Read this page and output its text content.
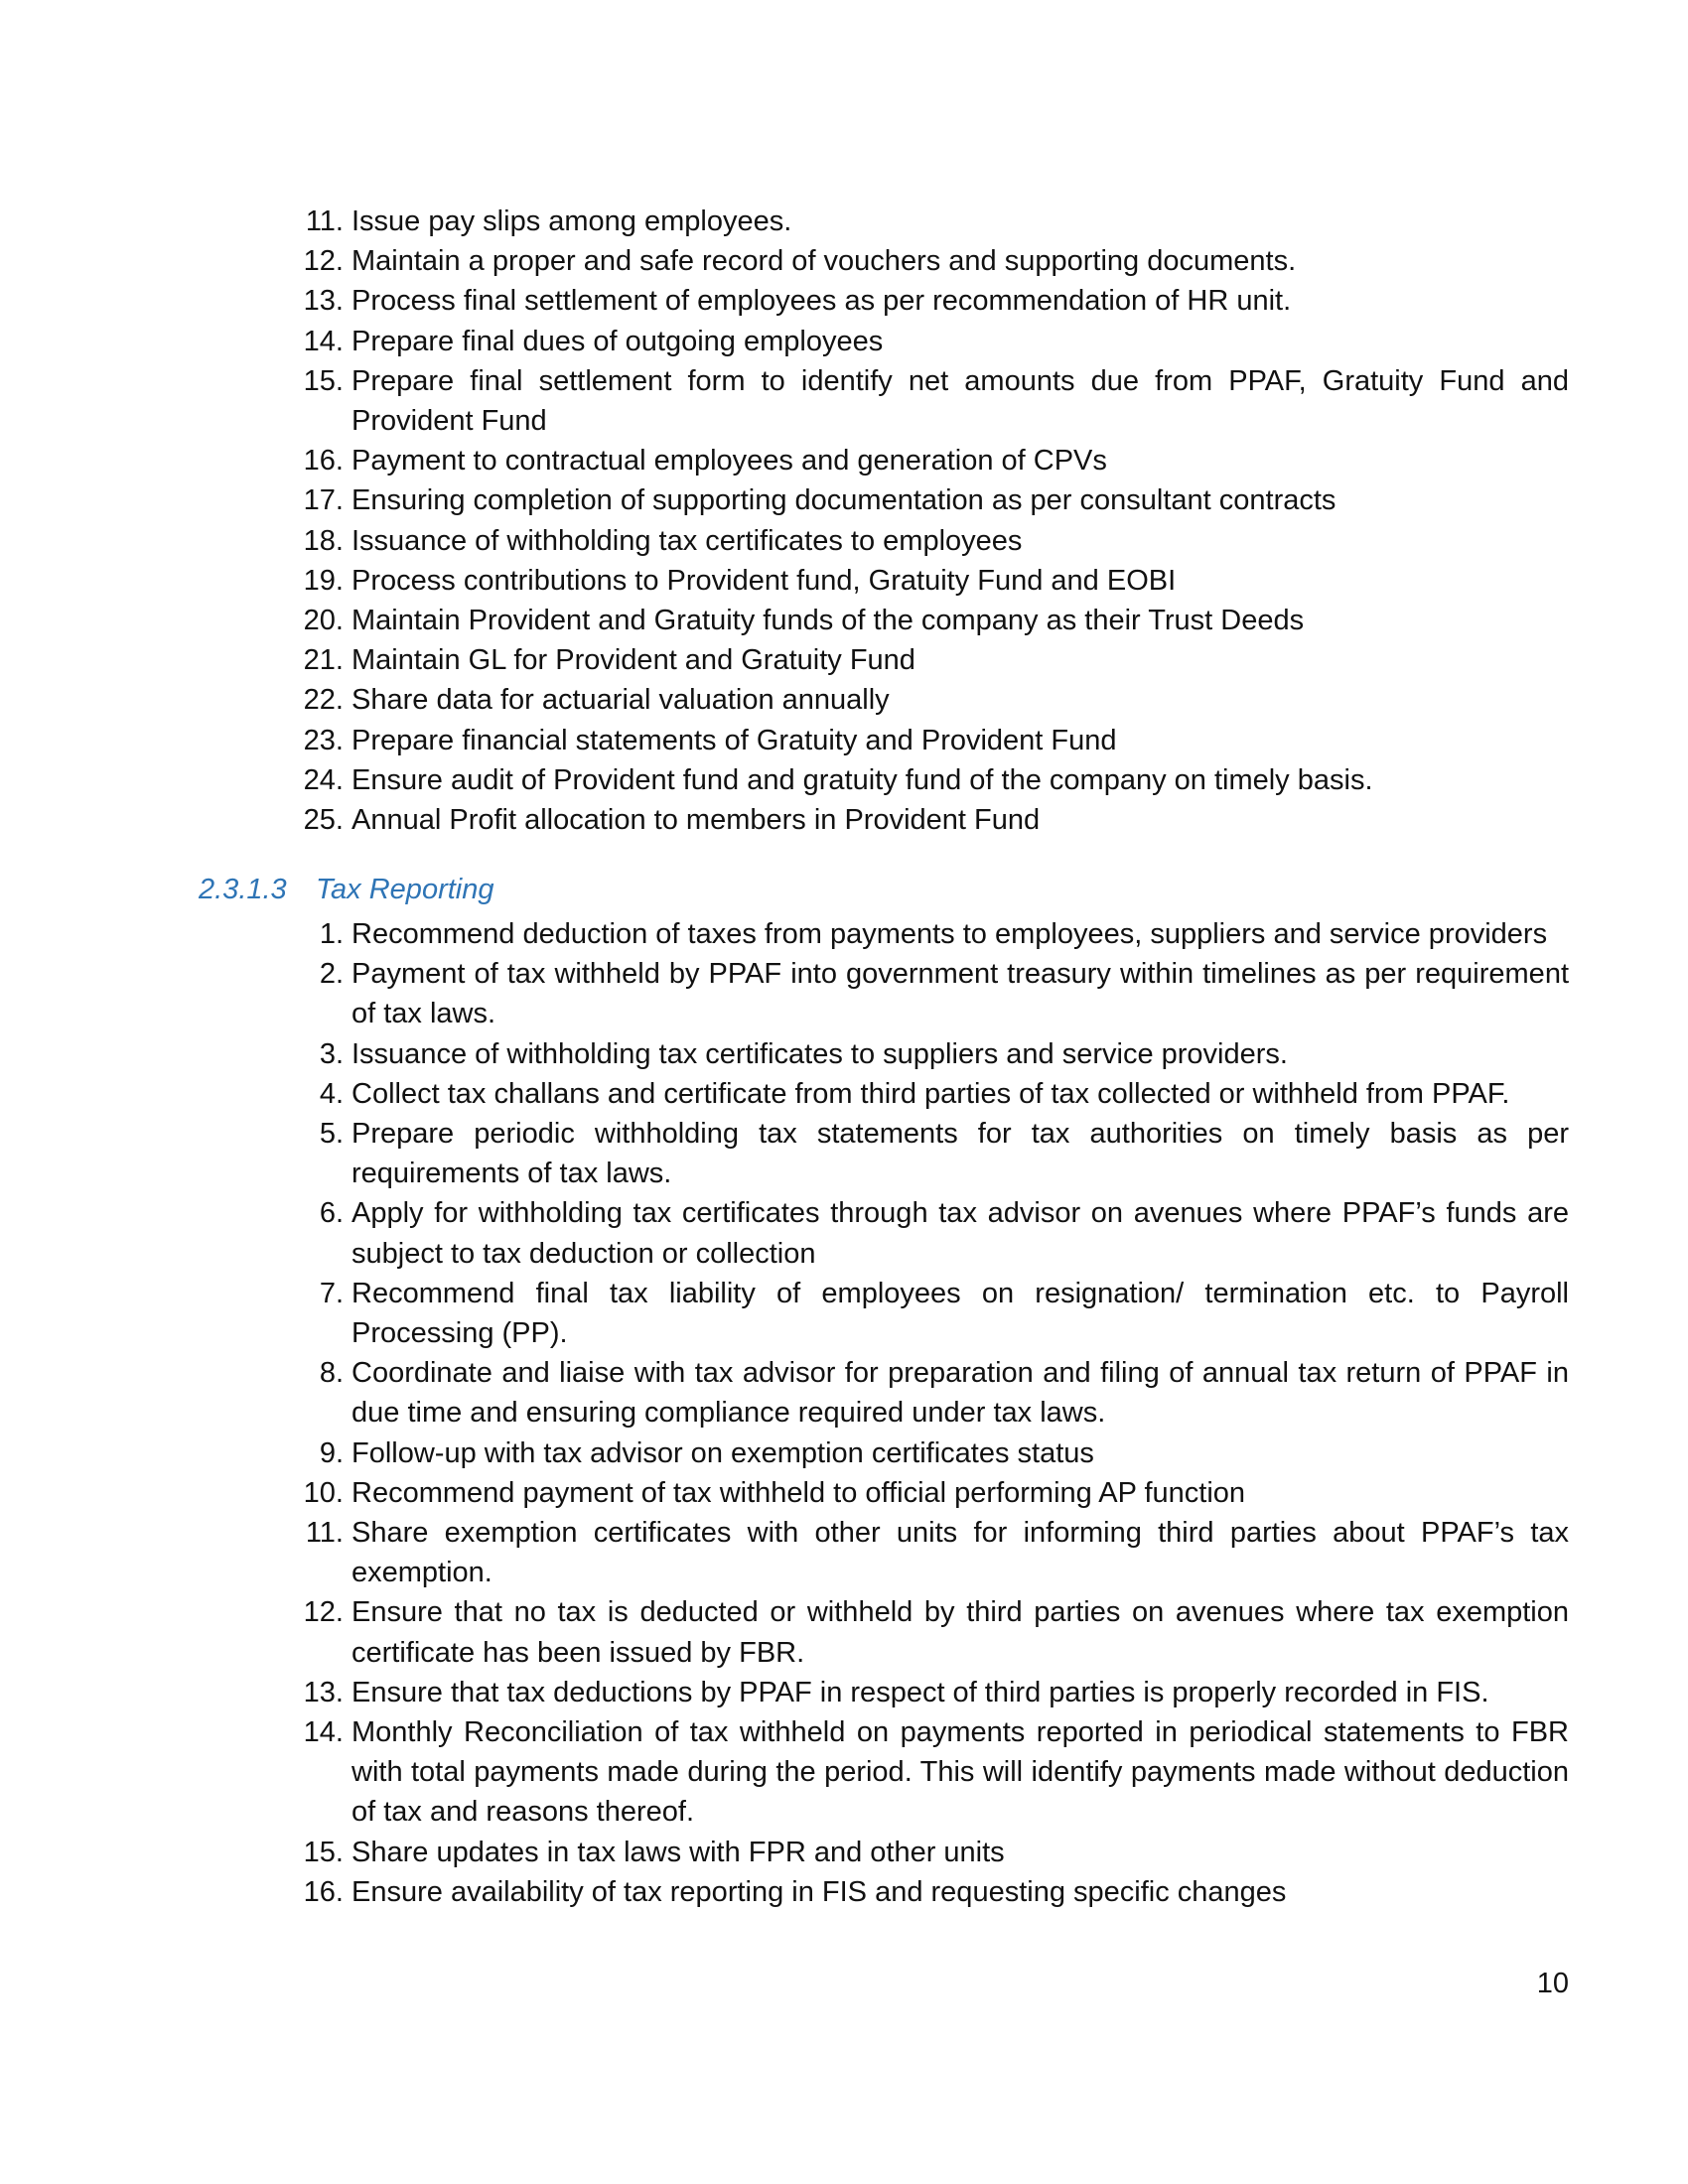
11. Issue pay slips among employees.
12. Maintain a proper and safe record of vouchers and supporting documents.
13. Process final settlement of employees as per recommendation of HR unit.
14. Prepare final dues of outgoing employees
15. Prepare final settlement form to identify net amounts due from PPAF, Gratuity Fund and Provident Fund
16. Payment to contractual employees and generation of CPVs
17. Ensuring completion of supporting documentation as per consultant contracts
18. Issuance of withholding tax certificates to employees
19. Process contributions to Provident fund, Gratuity Fund and EOBI
20. Maintain Provident and Gratuity funds of the company as their Trust Deeds
21. Maintain GL for Provident and Gratuity Fund
22. Share data for actuarial valuation annually
23. Prepare financial statements of Gratuity and Provident Fund
24. Ensure audit of Provident fund and gratuity fund of the company on timely basis.
25. Annual Profit allocation to members in Provident Fund
2.3.1.3 Tax Reporting
1. Recommend deduction of taxes from payments to employees, suppliers and service providers
2. Payment of tax withheld by PPAF into government treasury within timelines as per requirement of tax laws.
3. Issuance of withholding tax certificates to suppliers and service providers.
4. Collect tax challans and certificate from third parties of tax collected or withheld from PPAF.
5. Prepare periodic withholding tax statements for tax authorities on timely basis as per requirements of tax laws.
6. Apply for withholding tax certificates through tax advisor on avenues where PPAF’s funds are subject to tax deduction or collection
7. Recommend final tax liability of employees on resignation/ termination etc. to Payroll Processing (PP).
8. Coordinate and liaise with tax advisor for preparation and filing of annual tax return of PPAF in due time and ensuring compliance required under tax laws.
9. Follow-up with tax advisor on exemption certificates status
10. Recommend payment of tax withheld to official performing AP function
11. Share exemption certificates with other units for informing third parties about PPAF’s tax exemption.
12. Ensure that no tax is deducted or withheld by third parties on avenues where tax exemption certificate has been issued by FBR.
13. Ensure that tax deductions by PPAF in respect of third parties is properly recorded in FIS.
14. Monthly Reconciliation of tax withheld on payments reported in periodical statements to FBR with total payments made during the period. This will identify payments made without deduction of tax and reasons thereof.
15. Share updates in tax laws with FPR and other units
16. Ensure availability of tax reporting in FIS and requesting specific changes
10
